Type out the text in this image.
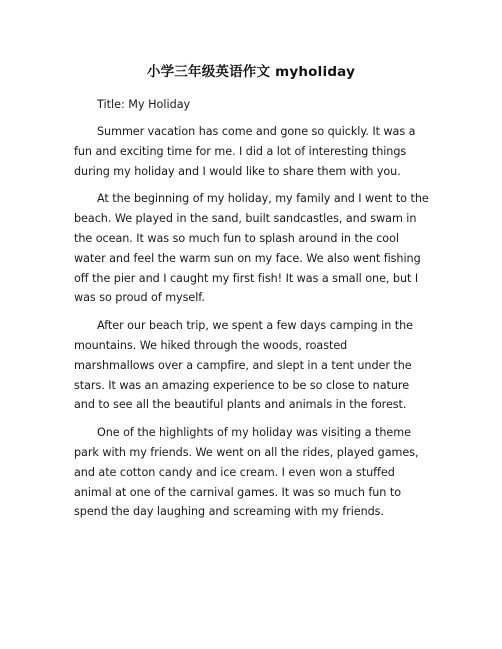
小学三年级英语作文 myholiday
Title: My Holiday

Summer vacation has come and gone so quickly. It was a fun and exciting time for me. I did a lot of interesting things during my holiday and I would like to share them with you.

At the beginning of my holiday, my family and I went to the beach. We played in the sand, built sandcastles, and swam in the ocean. It was so much fun to splash around in the cool water and feel the warm sun on my face. We also went fishing off the pier and I caught my first fish! It was a small one, but I was so proud of myself.

After our beach trip, we spent a few days camping in the mountains. We hiked through the woods, roasted marshmallows over a campfire, and slept in a tent under the stars. It was an amazing experience to be so close to nature and to see all the beautiful plants and animals in the forest.

One of the highlights of my holiday was visiting a theme park with my friends. We went on all the rides, played games, and ate cotton candy and ice cream. I even won a stuffed animal at one of the carnival games. It was so much fun to spend the day laughing and screaming with my friends.
